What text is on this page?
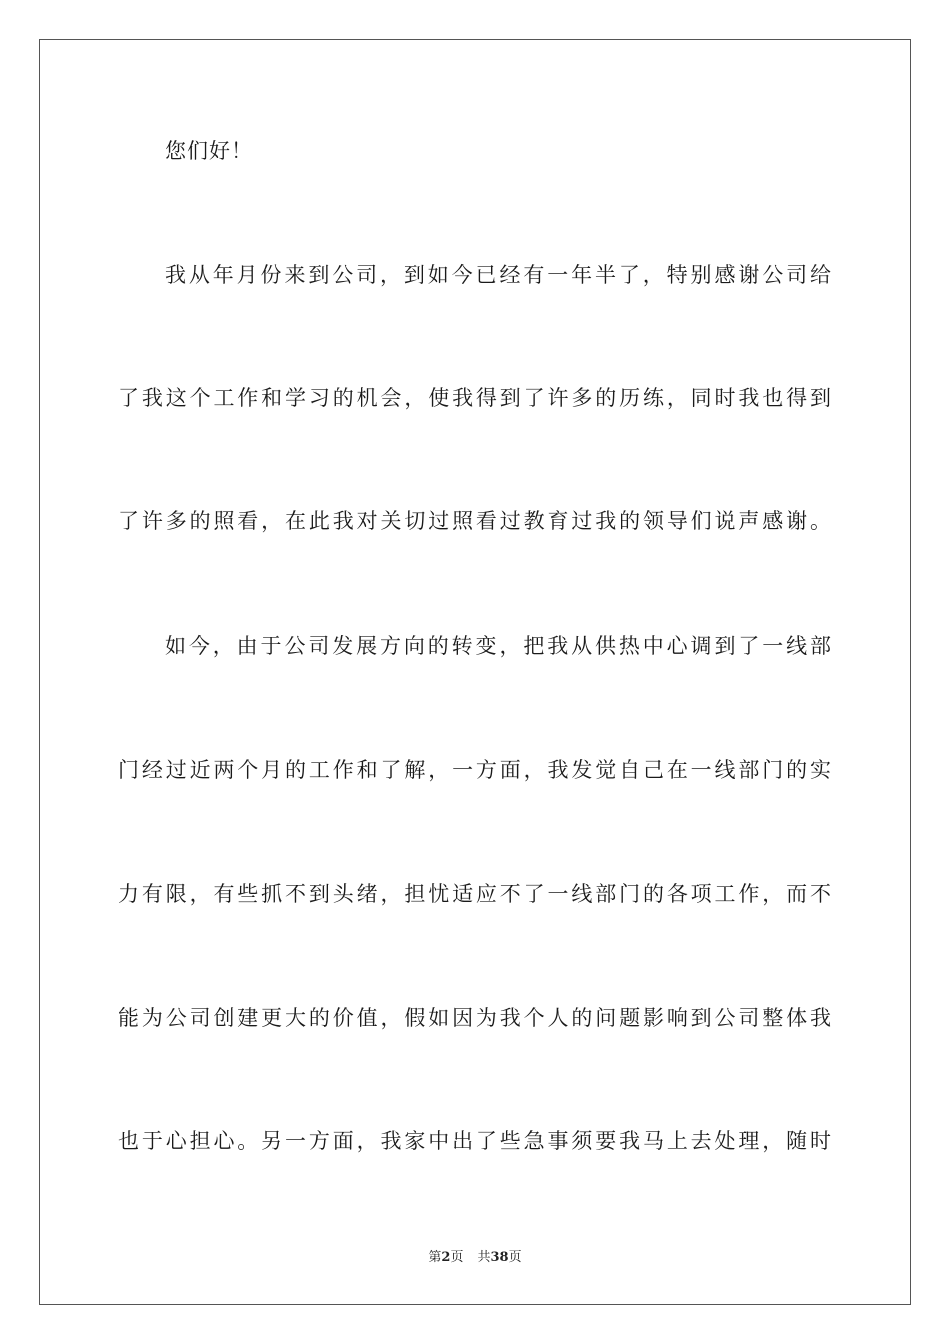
您们好！
我从年月份来到公司，到如今已经有一年半了，特别感谢公司给
了我这个工作和学习的机会，使我得到了许多的历练，同时我也得到
了许多的照看，在此我对关切过照看过教育过我的领导们说声感谢。
如今，由于公司发展方向的转变，把我从供热中心调到了一线部
门经过近两个月的工作和了解，一方面，我发觉自己在一线部门的实
力有限，有些抓不到头绪，担忧适应不了一线部门的各项工作，而不
能为公司创建更大的价值，假如因为我个人的问题影响到公司整体我
也于心担心。另一方面，我家中出了些急事须要我马上去处理，随时
第2页 共38页
